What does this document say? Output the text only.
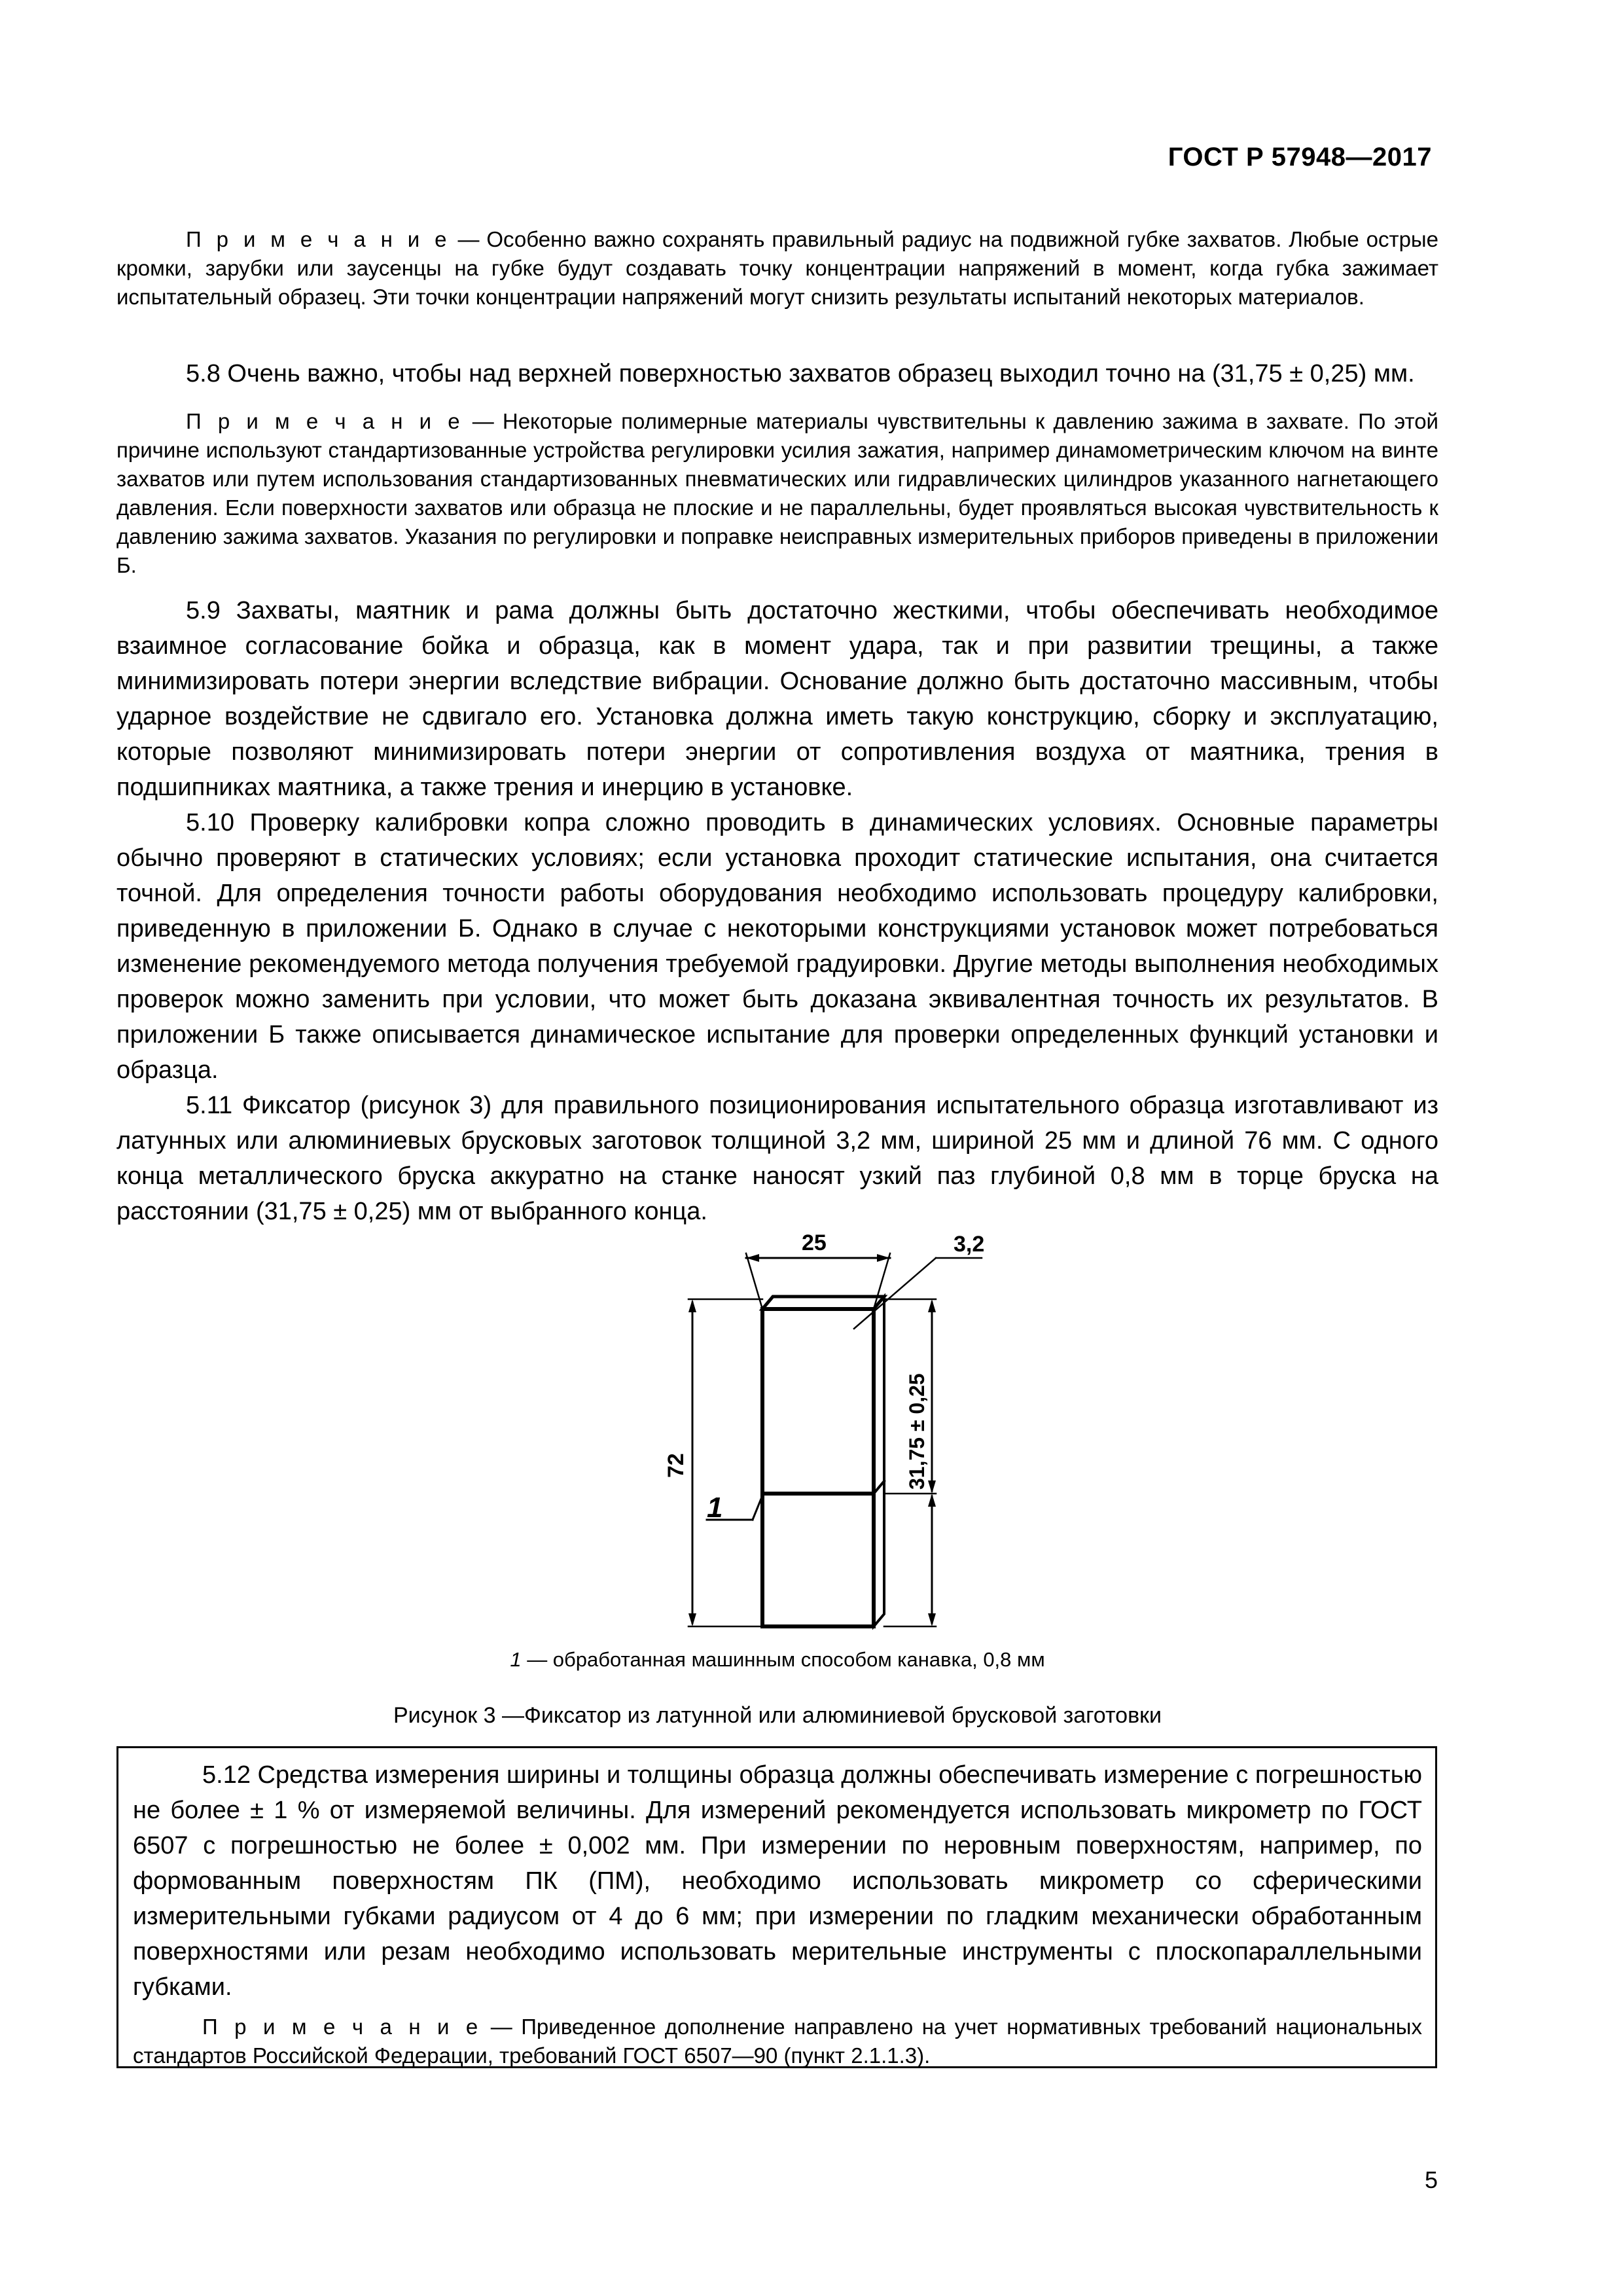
ГОСТ Р 57948—2017

П р и м е ч а н и е — Особенно важно сохранять правильный радиус на подвижной губке захватов. Любые острые кромки, зарубки или заусенцы на губке будут создавать точку концентрации напряжений в момент, когда губка зажимает испытательный образец. Эти точки концентрации напряжений могут снизить результаты испытаний некоторых материалов.

5.8 Очень важно, чтобы над верхней поверхностью захватов образец выходил точно на (31,75 ± 0,25) мм.

П р и м е ч а н и е — Некоторые полимерные материалы чувствительны к давлению зажима в захвате. По этой причине используют стандартизованные устройства регулировки усилия зажатия, например динамометрическим ключом на винте захватов или путем использования стандартизованных пневматических или гидравлических цилиндров указанного нагнетающего давления. Если поверхности захватов или образца не плоские и не параллельны, будет проявляться высокая чувствительность к давлению зажима захватов. Указания по регулировки и поправке неисправных измерительных приборов приведены в приложении Б.

5.9 Захваты, маятник и рама должны быть достаточно жесткими, чтобы обеспечивать необходимое взаимное согласование бойка и образца, как в момент удара, так и при развитии трещины, а также минимизировать потери энергии вследствие вибрации. Основание должно быть достаточно массивным, чтобы ударное воздействие не сдвигало его. Установка должна иметь такую конструкцию, сборку и эксплуатацию, которые позволяют минимизировать потери энергии от сопротивления воздуха от маятника, трения в подшипниках маятника, а также трения и инерцию в установке.

5.10 Проверку калибровки копра сложно проводить в динамических условиях. Основные параметры обычно проверяют в статических условиях; если установка проходит статические испытания, она считается точной. Для определения точности работы оборудования необходимо использовать процедуру калибровки, приведенную в приложении Б. Однако в случае с некоторыми конструкциями установок может потребоваться изменение рекомендуемого метода получения требуемой градуировки. Другие методы выполнения необходимых проверок можно заменить при условии, что может быть доказана эквивалентная точность их результатов. В приложении Б также описывается динамическое испытание для проверки определенных функций установки и образца.

5.11 Фиксатор (рисунок 3) для правильного позиционирования испытательного образца изготавливают из латунных или алюминиевых брусковых заготовок толщиной 3,2 мм, шириной 25 мм и длиной 76 мм. С одного конца металлического бруска аккуратно на станке наносят узкий паз глубиной 0,8 мм в торце бруска на расстоянии (31,75 ± 0,25) мм от выбранного конца.

25	3,2
72	31,75 ± 0,25
1
1 — обработанная машинным способом канавка, 0,8 мм
Рисунок 3 —Фиксатор из латунной или алюминиевой брусковой заготовки

5.12 Средства измерения ширины и толщины образца должны обеспечивать измерение с погрешностью не более ± 1 % от измеряемой величины. Для измерений рекомендуется использовать микрометр по ГОСТ 6507 с погрешностью не более ± 0,002 мм. При измерении по неровным поверхностям, например, по формованным поверхностям ПК (ПМ), необходимо использовать микрометр со сферическими измерительными губками радиусом от 4 до 6 мм; при измерении по гладким механически обработанным поверхностями или резам необходимо использовать мерительные инструменты с плоскопараллельными губками.

П р и м е ч а н и е — Приведенное дополнение направлено на учет нормативных требований национальных стандартов Российской Федерации, требований ГОСТ 6507—90 (пункт 2.1.1.3).

5
